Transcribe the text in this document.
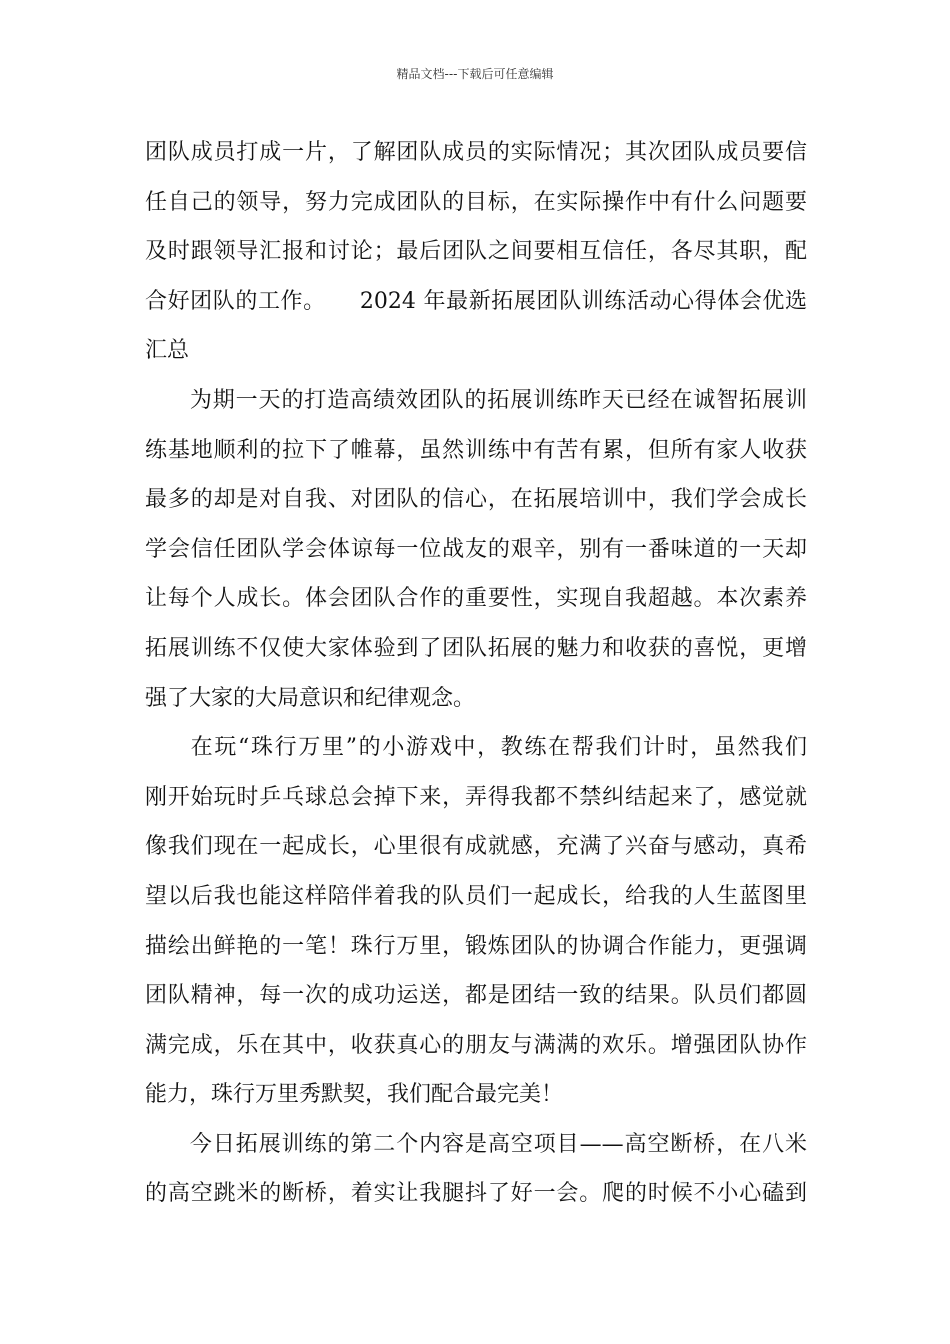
精品文档---下载后可任意编辑
团队成员打成一片，了解团队成员的实际情况；其次团队成员要信
任自己的领导，努力完成团队的目标，在实际操作中有什么问题要
及时跟领导汇报和讨论；最后团队之间要相互信任，各尽其职，配
合好团队的工作。　　2024 年最新拓展团队训练活动心得体会优选
汇总
为期一天的打造高绩效团队的拓展训练昨天已经在诚智拓展训
练基地顺利的拉下了帷幕，虽然训练中有苦有累，但所有家人收获
最多的却是对自我、对团队的信心，在拓展培训中，我们学会成长
学会信任团队学会体谅每一位战友的艰辛，别有一番味道的一天却
让每个人成长。体会团队合作的重要性，实现自我超越。本次素养
拓展训练不仅使大家体验到了团队拓展的魅力和收获的喜悦，更增
强了大家的大局意识和纪律观念。
在玩“珠行万里”的小游戏中，教练在帮我们计时，虽然我们
刚开始玩时乒乓球总会掉下来，弄得我都不禁纠结起来了，感觉就
像我们现在一起成长，心里很有成就感，充满了兴奋与感动，真希
望以后我也能这样陪伴着我的队员们一起成长，给我的人生蓝图里
描绘出鲜艳的一笔！珠行万里，锻炼团队的协调合作能力，更强调
团队精神，每一次的成功运送，都是团结一致的结果。队员们都圆
满完成，乐在其中，收获真心的朋友与满满的欢乐。增强团队协作
能力，珠行万里秀默契，我们配合最完美！
今日拓展训练的第二个内容是高空项目——高空断桥，在八米
的高空跳米的断桥，着实让我腿抖了好一会。爬的时候不小心磕到
